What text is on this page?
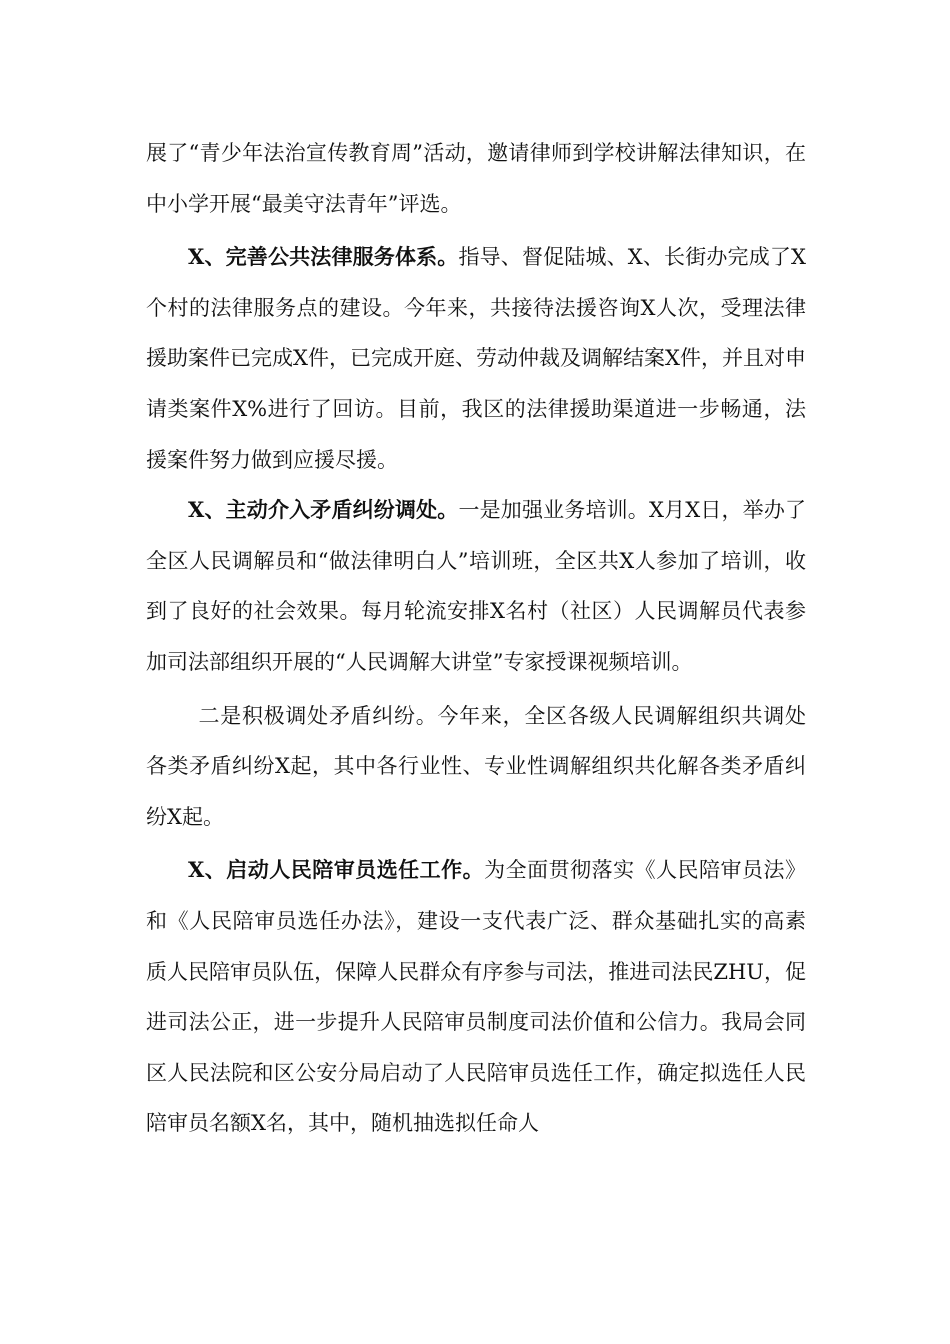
展了“青少年法治宣传教育周”活动，邀请律师到学校讲解法律知识，在中小学开展“最美守法青年”评选。

X、完善公共法律服务体系。指导、督促陆城、X、长街办完成了X个村的法律服务点的建设。今年来，共接待法援咨询X人次，受理法律援助案件已完成X件，已完成开庭、劳动仲裁及调解结案X件，并且对申请类案件X%进行了回访。目前，我区的法律援助渠道进一步畅通，法援案件努力做到应援尽援。

X、主动介入矛盾纠纷调处。一是加强业务培训。X月X日，举办了全区人民调解员和“做法律明白人”培训班，全区共X人参加了培训，收到了良好的社会效果。每月轮流安排X名村（社区）人民调解员代表参加司法部组织开展的“人民调解大讲堂”专家授课视频培训。

二是积极调处矛盾纠纷。今年来，全区各级人民调解组织共调处各类矛盾纠纷X起，其中各行业性、专业性调解组织共化解各类矛盾纠纷X起。

X、启动人民陪审员选任工作。为全面贯彻落实《人民陪审员法》和《人民陪审员选任办法》，建设一支代表广泛、群众基础扎实的高素质人民陪审员队伍，保障人民群众有序参与司法，推进司法民ZHU，促进司法公正，进一步提升人民陪审员制度司法价值和公信力。我局会同区人民法院和区公安分局启动了人民陪审员选任工作，确定拟选任人民陪审员名额X名，其中，随机抽选拟任命人
